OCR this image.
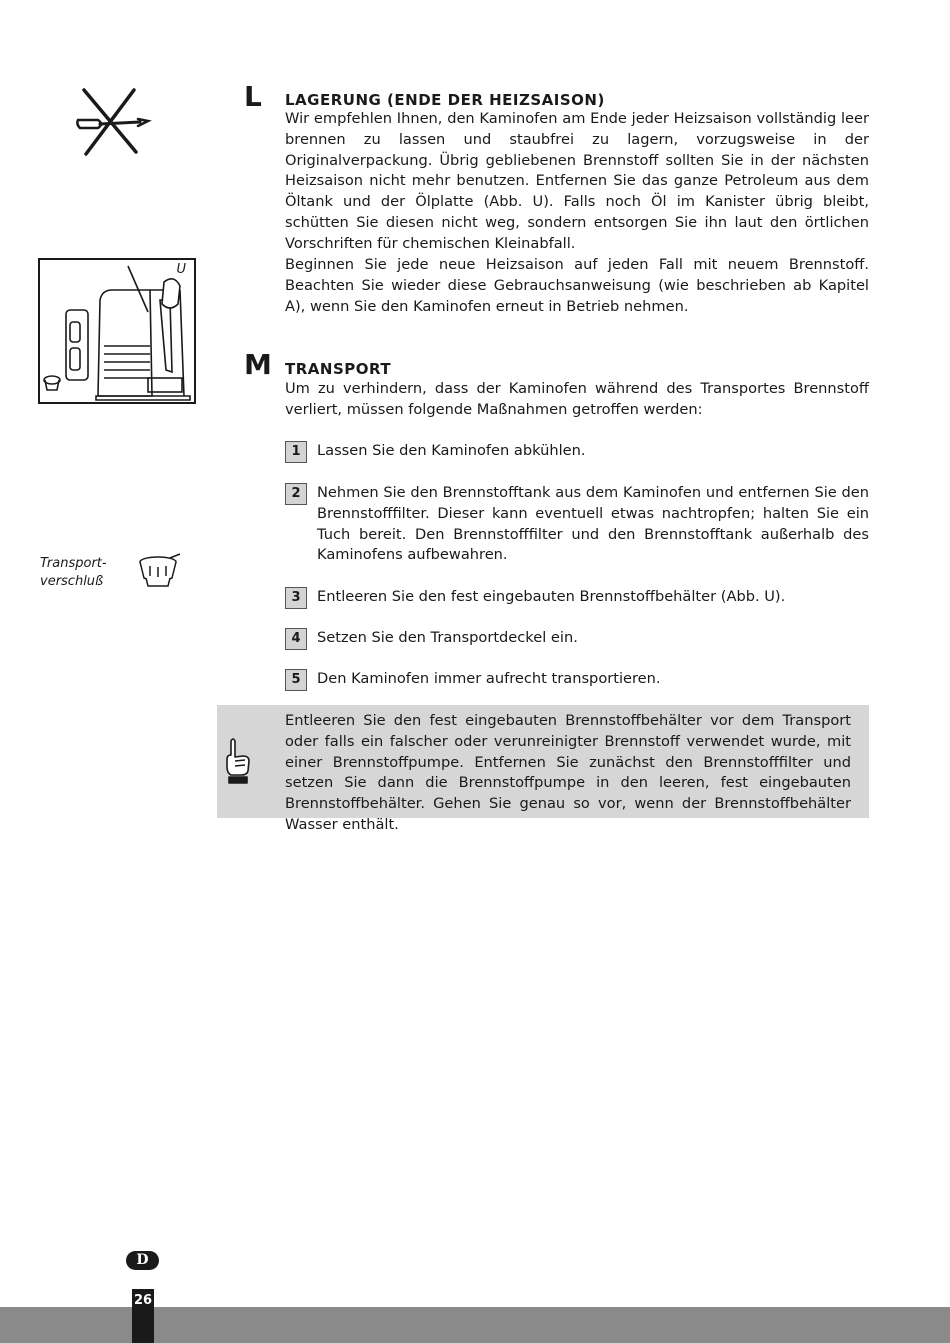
U
Transport-
verschluß
L LAGERUNG (ENDE DER HEIZSAISON)
Wir empfehlen Ihnen, den Kaminofen am Ende jeder Heizsaison vollständig leer brennen zu lassen und staubfrei zu lagern, vorzugsweise in der Originalverpackung. Übrig gebliebenen Brennstoff sollten Sie in der nächsten Heizsaison nicht mehr benutzen. Entfernen Sie das ganze Petroleum aus dem Öltank und der Ölplatte (Abb. U). Falls noch Öl im Kanister übrig bleibt, schütten Sie diesen nicht weg, sondern entsorgen Sie ihn laut den örtlichen Vorschriften für chemischen Kleinabfall.
Beginnen Sie jede neue Heizsaison auf jeden Fall mit neuem Brennstoff. Beachten Sie wieder diese Gebrauchsanweisung (wie beschrieben ab Kapitel A), wenn Sie den Kaminofen erneut in Betrieb nehmen.
M TRANSPORT
Um zu verhindern, dass der Kaminofen während des Transportes Brennstoff verliert, müssen folgende Maßnahmen getroffen werden:
1	Lassen Sie den Kaminofen abkühlen.
2	Nehmen Sie den Brennstofftank aus dem Kaminofen und entfernen Sie den Brennstofffilter. Dieser kann eventuell etwas nachtropfen; halten Sie ein Tuch bereit. Den Brennstofffilter und den Brennstofftank außerhalb des Kaminofens aufbewahren.
3	Entleeren Sie den fest eingebauten Brennstoffbehälter (Abb. U).
4	Setzen Sie den Transportdeckel ein.
5	Den Kaminofen immer aufrecht transportieren.
Entleeren Sie den fest eingebauten Brennstoffbehälter vor dem Transport oder falls ein falscher oder verunreinigter Brennstoff verwendet wurde, mit einer Brennstoffpumpe. Entfernen Sie zunächst den Brennstofffilter und setzen Sie dann die Brennstoffpumpe in den leeren, fest eingebauten Brennstoffbehälter. Gehen Sie genau so vor, wenn der Brennstoffbehälter Wasser enthält.
D
26
